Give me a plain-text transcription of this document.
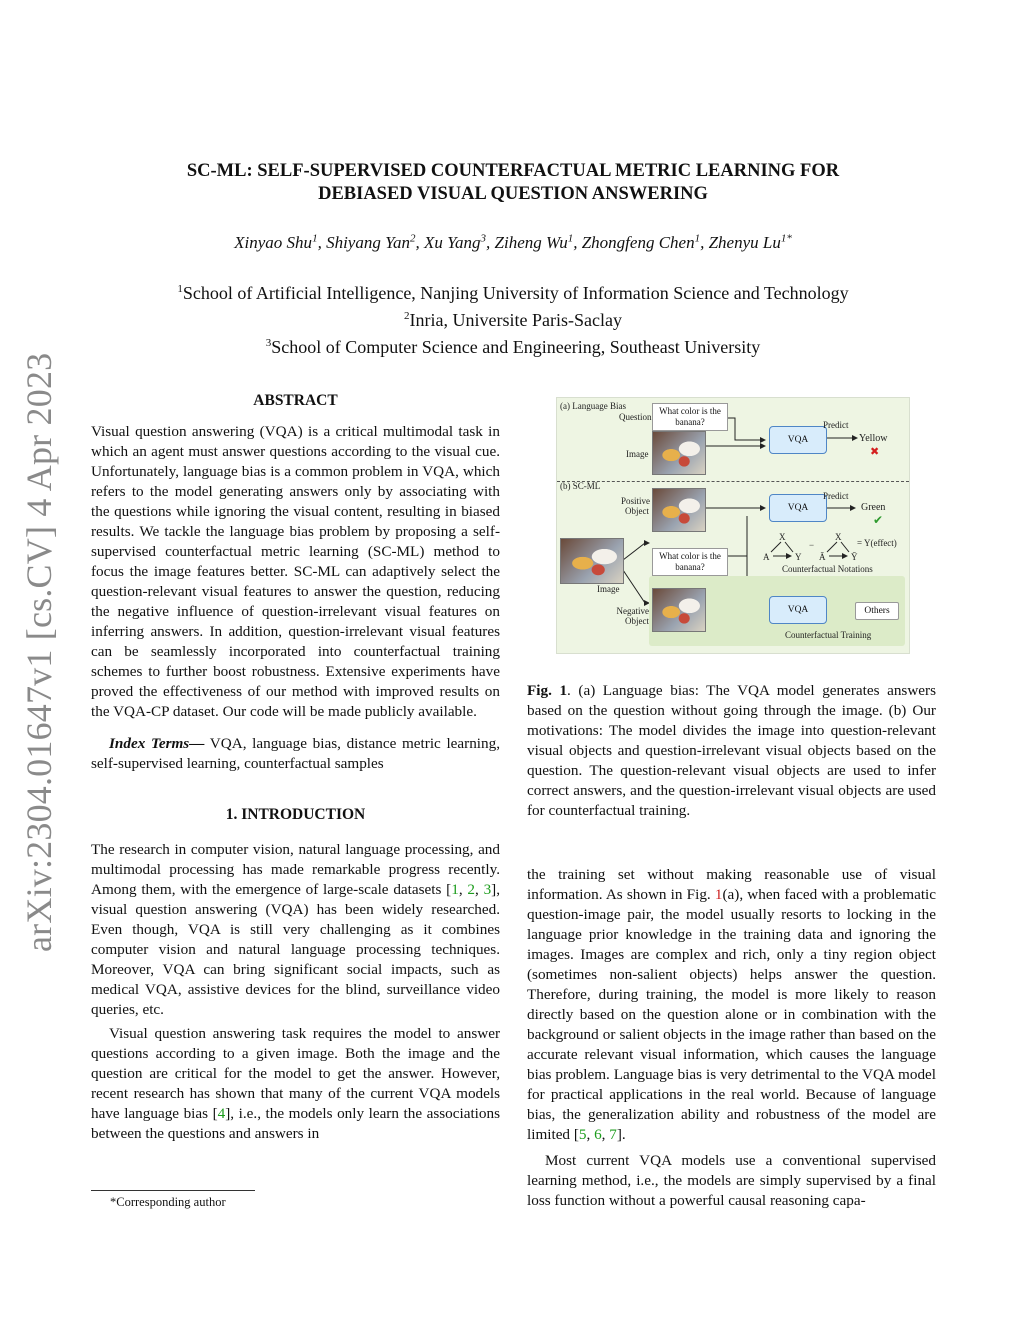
arXiv:2304.01647v1 [cs.CV] 4 Apr 2023
SC-ML: SELF-SUPERVISED COUNTERFACTUAL METRIC LEARNING FOR
DEBIASED VISUAL QUESTION ANSWERING
Xinyao Shu$^1$, Shiyang Yan$^2$, Xu Yang$^3$, Ziheng Wu$^1$, Zhongfeng Chen$^1$, Zhenyu $Lu^{1*}$
$^1$School of Artificial Intelligence, Nanjing University of Information Science and Technology
$^2$Inria, Universite Paris-Saclay
$^3$School of Computer Science and Engineering, Southeast University
ABSTRACT

Visual question answering (VQA) is a critical multimodal task in which an agent must answer questions according to the visual cue. Unfortunately, language bias is a common problem in VQA, which refers to the model generating answers only by associating with the questions while ignoring the visual content, resulting in biased results. We tackle the language bias problem by proposing a self-supervised counterfactual metric learning (SC-ML) method to focus the image features better. SC-ML can adaptively select the question-relevant visual features to answer the question, reducing the negative influence of question-irrelevant visual features on inferring answers. In addition, question-irrelevant visual features can be seamlessly incorporated into counterfactual training schemes to further boost robustness. Extensive experiments have proved the effectiveness of our method with improved results on the VQA-CP dataset. Our code will be made publicly available.

Index Terms— VQA, language bias, distance metric learning, self-supervised learning, counterfactual samples

1. INTRODUCTION

The research in computer vision, natural language processing, and multimodal processing has made remarkable progress recently. Among them, with the emergence of large-scale datasets [1, 2, 3], visual question answering (VQA) has been widely researched. Even though, VQA is still very challenging as it combines computer vision and natural language processing techniques. Moreover, VQA can bring significant social impacts, such as medical VQA, assistive devices for the blind, surveillance video queries, etc.

Visual question answering task requires the model to answer questions according to a given image. Both the image and the question are critical for the model to get the answer. However, recent research has shown that many of the current VQA models have language bias [4], i.e., the models only learn the associations between the questions and answers in

*Corresponding author
(a) Language Bias
Question
What color is the banana?
Image
VQA
Predict
Yellow
✖
(b) SC-ML
Positive Object	VQA
Predict
Green
✔
Image
What color is the banana?
X
A	Y
−
X
Ā	Ȳ
= Y(effect)
Counterfactual Notations
Negative Object
VQA	Others
Counterfactual Training
Fig. 1. (a) Language bias: The VQA model generates answers based on the question without going through the image. (b) Our motivations: The model divides the image into question-relevant visual objects and question-irrelevant visual objects based on the question. The question-relevant visual objects are used to infer correct answers, and the question-irrelevant visual objects are used for counterfactual training.

the training set without making reasonable use of visual information. As shown in Fig. 1(a), when faced with a problematic question-image pair, the model usually resorts to locking in the language prior knowledge in the training data and ignoring the images. Images are complex and rich, only a tiny region object (sometimes non-salient objects) helps answer the question. Therefore, during training, the model is more likely to reason directly based on the question alone or in combination with the background or salient objects in the image rather than based on the accurate relevant visual information, which causes the language bias problem. Language bias is very detrimental to the VQA model for practical applications in the real world. Because of language bias, the generalization ability and robustness of the model are limited [5, 6, 7].

Most current VQA models use a conventional supervised learning method, i.e., the models are simply supervised by a final loss function without a powerful causal reasoning capa-
